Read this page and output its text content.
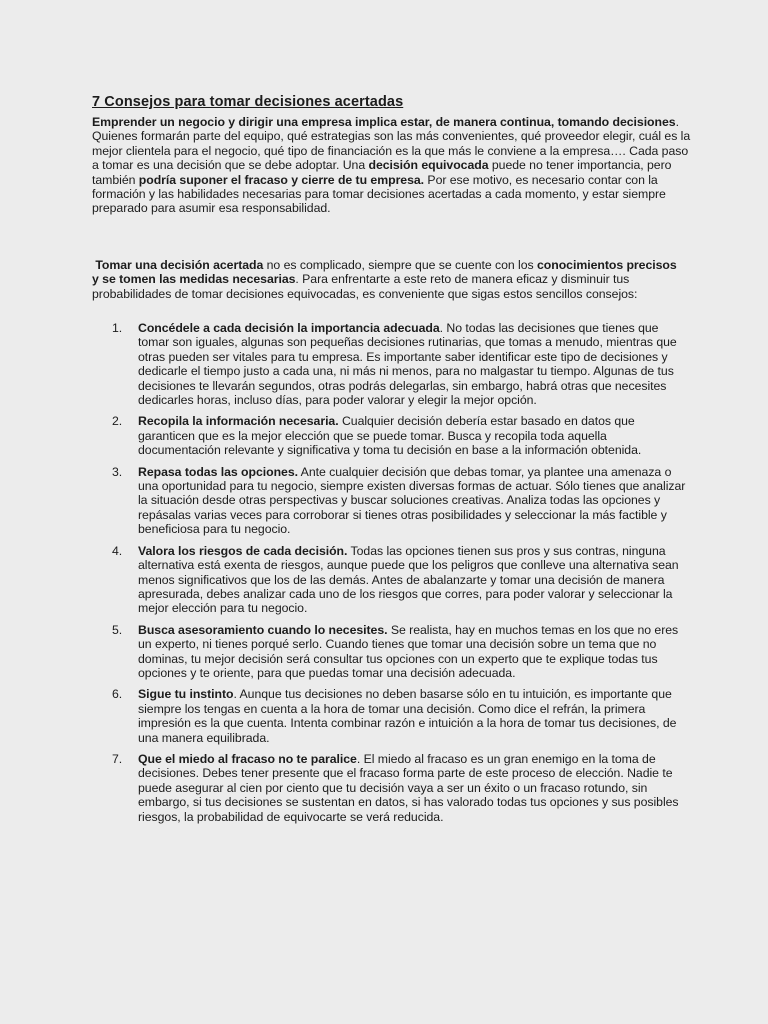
7 Consejos para tomar decisiones acertadas

Emprender un negocio y dirigir una empresa implica estar, de manera continua, tomando decisiones. Quienes formarán parte del equipo, qué estrategias son las más convenientes, qué proveedor elegir, cuál es la mejor clientela para el negocio, qué tipo de financiación es la que más le conviene a la empresa…. Cada paso a tomar es una decisión que se debe adoptar. Una decisión equivocada puede no tener importancia, pero también podría suponer el fracaso y cierre de tu empresa. Por ese motivo, es necesario contar con la formación y las habilidades necesarias para tomar decisiones acertadas a cada momento, y estar siempre preparado para asumir esa responsabilidad.

Tomar una decisión acertada no es complicado, siempre que se cuente con los conocimientos precisos y se tomen las medidas necesarias. Para enfrentarte a este reto de manera eficaz y disminuir tus probabilidades de tomar decisiones equivocadas, es conveniente que sigas estos sencillos consejos:

1. Concédele a cada decisión la importancia adecuada. No todas las decisiones que tienes que tomar son iguales, algunas son pequeñas decisiones rutinarias, que tomas a menudo, mientras que otras pueden ser vitales para tu empresa. Es importante saber identificar este tipo de decisiones y dedicarle el tiempo justo a cada una, ni más ni menos, para no malgastar tu tiempo. Algunas de tus decisiones te llevarán segundos, otras podrás delegarlas, sin embargo, habrá otras que necesites dedicarles horas, incluso días, para poder valorar y elegir la mejor opción.
2. Recopila la información necesaria. Cualquier decisión debería estar basado en datos que garanticen que es la mejor elección que se puede tomar. Busca y recopila toda aquella documentación relevante y significativa y toma tu decisión en base a la información obtenida.
3. Repasa todas las opciones. Ante cualquier decisión que debas tomar, ya plantee una amenaza o una oportunidad para tu negocio, siempre existen diversas formas de actuar. Sólo tienes que analizar la situación desde otras perspectivas y buscar soluciones creativas. Analiza todas las opciones y repásalas varias veces para corroborar si tienes otras posibilidades y seleccionar la más factible y beneficiosa para tu negocio.
4. Valora los riesgos de cada decisión. Todas las opciones tienen sus pros y sus contras, ninguna alternativa está exenta de riesgos, aunque puede que los peligros que conlleve una alternativa sean menos significativos que los de las demás. Antes de abalanzarte y tomar una decisión de manera apresurada, debes analizar cada uno de los riesgos que corres, para poder valorar y seleccionar la mejor elección para tu negocio.
5. Busca asesoramiento cuando lo necesites. Se realista, hay en muchos temas en los que no eres un experto, ni tienes porqué serlo. Cuando tienes que tomar una decisión sobre un tema que no dominas, tu mejor decisión será consultar tus opciones con un experto que te explique todas tus opciones y te oriente, para que puedas tomar una decisión adecuada.
6. Sigue tu instinto. Aunque tus decisiones no deben basarse sólo en tu intuición, es importante que siempre los tengas en cuenta a la hora de tomar una decisión. Como dice el refrán, la primera impresión es la que cuenta. Intenta combinar razón e intuición a la hora de tomar tus decisiones, de una manera equilibrada.
7. Que el miedo al fracaso no te paralice. El miedo al fracaso es un gran enemigo en la toma de decisiones. Debes tener presente que el fracaso forma parte de este proceso de elección. Nadie te puede asegurar al cien por ciento que tu decisión vaya a ser un éxito o un fracaso rotundo, sin embargo, si tus decisiones se sustentan en datos, si has valorado todas tus opciones y sus posibles riesgos, la probabilidad de equivocarte se verá reducida.
